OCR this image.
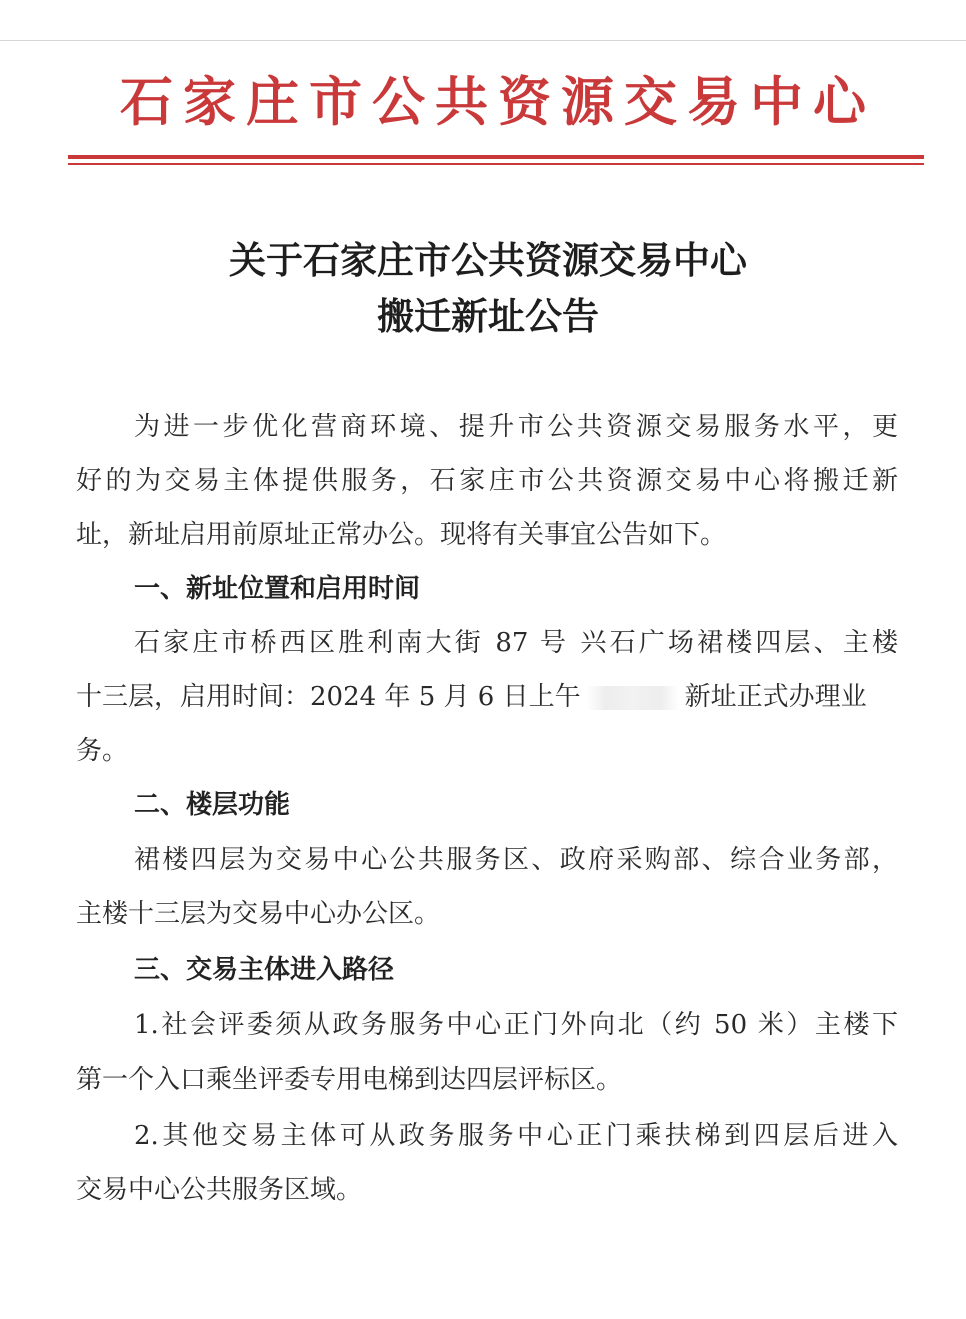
石家庄市公共资源交易中心
关于石家庄市公共资源交易中心
搬迁新址公告
为进一步优化营商环境、提升市公共资源交易服务水平，更
好的为交易主体提供服务，石家庄市公共资源交易中心将搬迁新
址，新址启用前原址正常办公。现将有关事宜公告如下。
一、新址位置和启用时间
石家庄市桥西区胜利南大街 87 号 兴石广场裙楼四层、主楼
十三层，启用时间：2024 年 5 月 6 日上午	新址正式办理业
务。
二、楼层功能
裙楼四层为交易中心公共服务区、政府采购部、综合业务部，
主楼十三层为交易中心办公区。
三、交易主体进入路径
1.社会评委须从政务服务中心正门外向北（约 50 米）主楼下
第一个入口乘坐评委专用电梯到达四层评标区。
2.其他交易主体可从政务服务中心正门乘扶梯到四层后进入
交易中心公共服务区域。
